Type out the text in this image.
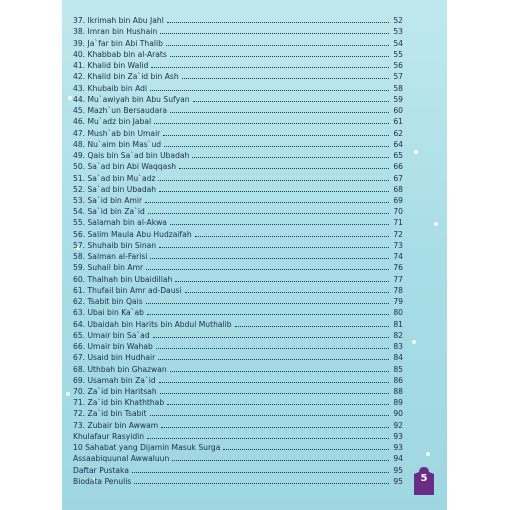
37. Ikrimah bin Abu Jahl	52
38. Imran bin Hushain	53
39. Ja`far bin Abi Thalib	54
40. Khabbab bin al-Arats	55
41. Khalid bin Walid	56
42. Khalid bin Za`id bin Ash	57
43. Khubaib bin Adi	58
44. Mu`awiyah bin Abu Sufyan	59
45. Mazh`un Bersaudara	60
46. Mu`adz bin Jabal	61
47. Mush`ab bin Umair	62
48. Nu`aim bin Mas`ud	64
49. Qais bin Sa`ad bin Ubadah	65
50. Sa`ad bin Abi Waqqash	66
51. Sa`ad bin Mu`adz	67
52. Sa`ad bin Ubadah	68
53. Sa`id bin Amir	69
54. Sa`id bin Za`id	70
55. Salamah bin al-Akwa	71
56. Salim Maula Abu Hudzaifah	72
57. Shuhaib bin Sinan	73
58. Salman al-Farisi	74
59. Suhail bin Amr	76
60. Thalhah bin Ubaidillah	77
61. Thufail bin Amr ad-Dausi	78
62. Tsabit bin Qais	79
63. Ubai bin Ka`ab	80
64. Ubaidah bin Harits bin Abdul Muthalib	81
65. Umair bin Sa`ad	82
66. Umair bin Wahab	83
67. Usaid bin Hudhair	84
68. Uthbah bin Ghazwan	85
69. Usamah bin Za`id	86
70. Za`id bin Haritsah	88
71. Za`id bin Khaththab	89
72. Za`id bin Tsabit	90
73. Zubair bin Awwam	92
Khulafaur Rasyidin	93
10 Sahabat yang Dijamin Masuk Surga	93
Assaabiquunal Awwaluun	94
Daftar Pustaka	95
Biodata Penulis	95	5
